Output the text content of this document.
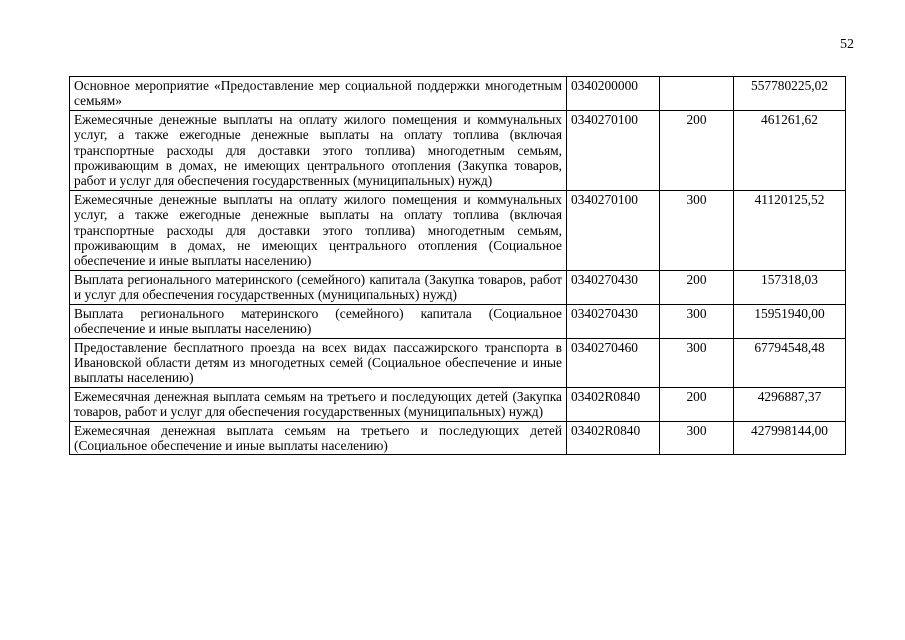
52
Основное мероприятие «Предоставление мер социальной поддержки многодетным семьям»	0340200000		557780225,02
Ежемесячные денежные выплаты на оплату жилого помещения и коммунальных услуг, а также ежегодные денежные выплаты на оплату топлива (включая транспортные расходы для доставки этого топлива) многодетным семьям, проживающим в домах, не имеющих центрального отопления (Закупка товаров, работ и услуг для обеспечения государственных (муниципальных) нужд)	0340270100	200	461261,62
Ежемесячные денежные выплаты на оплату жилого помещения и коммунальных услуг, а также ежегодные денежные выплаты на оплату топлива (включая транспортные расходы для доставки этого топлива) многодетным семьям, проживающим в домах, не имеющих центрального отопления (Социальное обеспечение и иные выплаты населению)	0340270100	300	41120125,52
Выплата регионального материнского (семейного) капитала (Закупка товаров, работ и услуг для обеспечения государственных (муниципальных) нужд)	0340270430	200	157318,03
Выплата регионального материнского (семейного) капитала (Социальное обеспечение и иные выплаты населению)	0340270430	300	15951940,00
Предоставление бесплатного проезда на всех видах пассажирского транспорта в Ивановской области детям из многодетных семей (Социальное обеспечение и иные выплаты населению)	0340270460	300	67794548,48
Ежемесячная денежная выплата семьям на третьего и последующих детей (Закупка товаров, работ и услуг для обеспечения государственных (муниципальных) нужд)	03402R0840	200	4296887,37
Ежемесячная денежная выплата семьям на третьего и последующих детей (Социальное обеспечение и иные выплаты населению)	03402R0840	300	427998144,00
